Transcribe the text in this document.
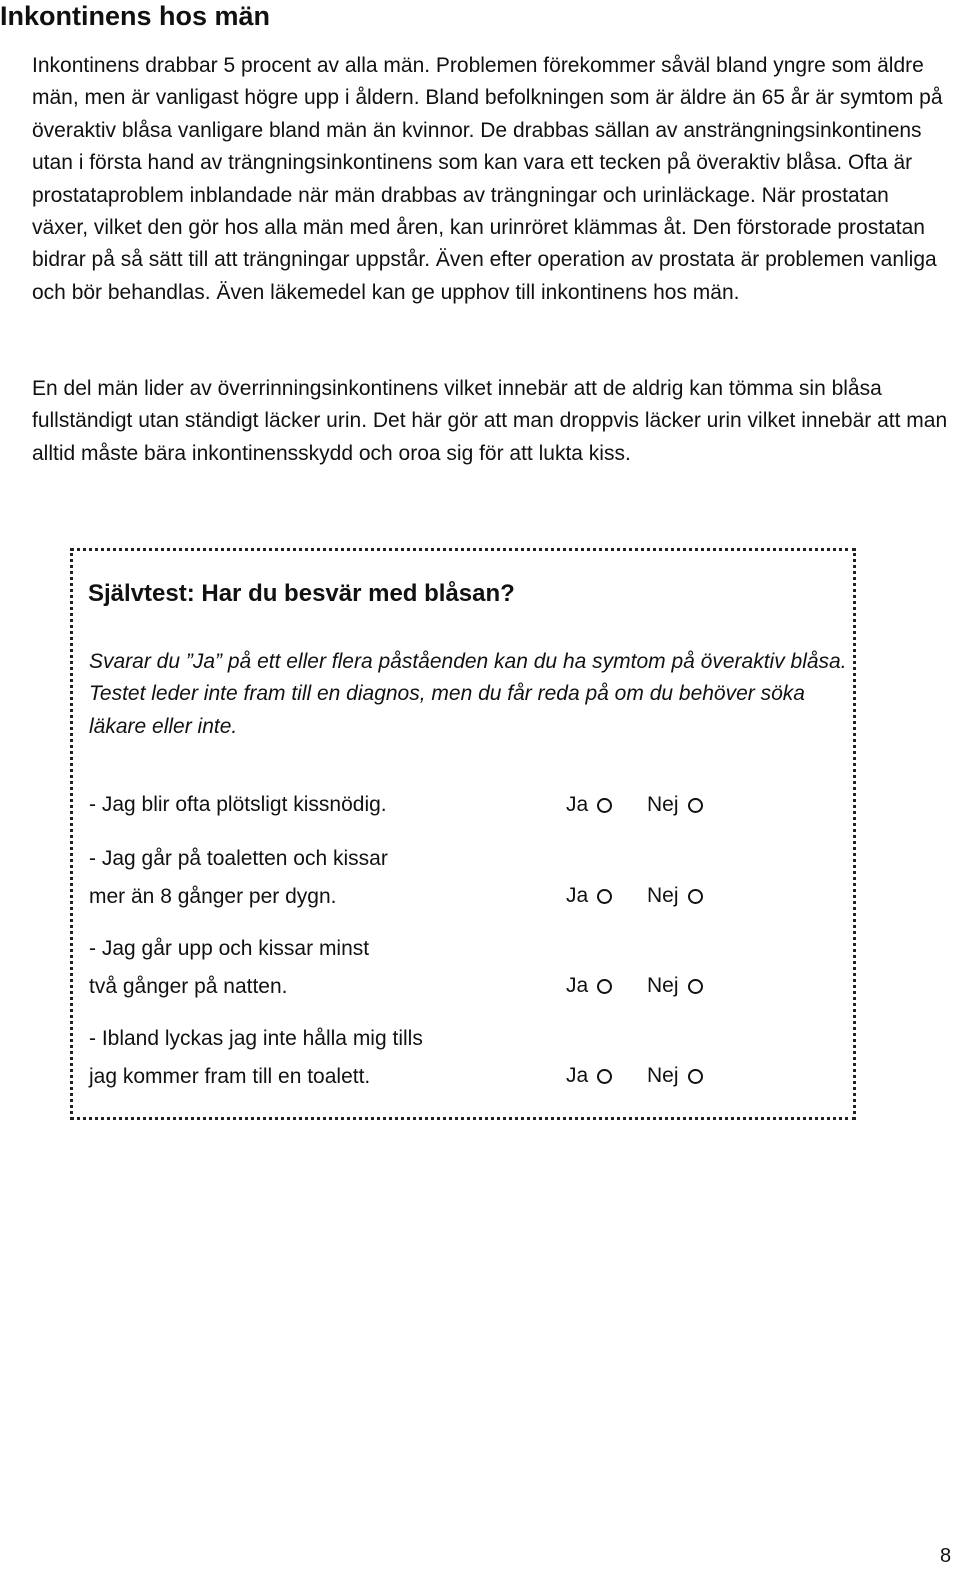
Inkontinens hos män

Inkontinens drabbar 5 procent av alla män. Problemen förekommer såväl bland yngre som äldre män, men är vanligast högre upp i åldern. Bland befolkningen som är äldre än 65 år är symtom på överaktiv blåsa vanligare bland män än kvinnor. De drabbas sällan av ansträngningsinkontinens utan i första hand av trängningsinkontinens som kan vara ett tecken på överaktiv blåsa. Ofta är prostataproblem inblandade när män drabbas av trängningar och urinläckage. När prostatan växer, vilket den gör hos alla män med åren, kan urinröret klämmas åt. Den förstorade prostatan bidrar på så sätt till att trängningar uppstår. Även efter operation av prostata är problemen vanliga och bör behandlas. Även läkemedel kan ge upphov till inkontinens hos män.

En del män lider av överrinningsinkontinens vilket innebär att de aldrig kan tömma sin blåsa fullständigt utan ständigt läcker urin. Det här gör att man droppvis läcker urin vilket innebär att man alltid måste bära inkontinensskydd och oroa sig för att lukta kiss.

Självtest: Har du besvär med blåsan?

Svarar du ”Ja” på ett eller flera påståenden kan du ha symtom på överaktiv blåsa. Testet leder inte fram till en diagnos, men du får reda på om du behöver söka läkare eller inte.

- Jag blir ofta plötsligt kissnödig.	Ja	Nej
- Jag går på toaletten och kissar
mer än 8 gånger per dygn.	Ja	Nej
- Jag går upp och kissar minst
två gånger på natten.	Ja	Nej
- Ibland lyckas jag inte hålla mig tills
jag kommer fram till en toalett.	Ja	Nej
8
